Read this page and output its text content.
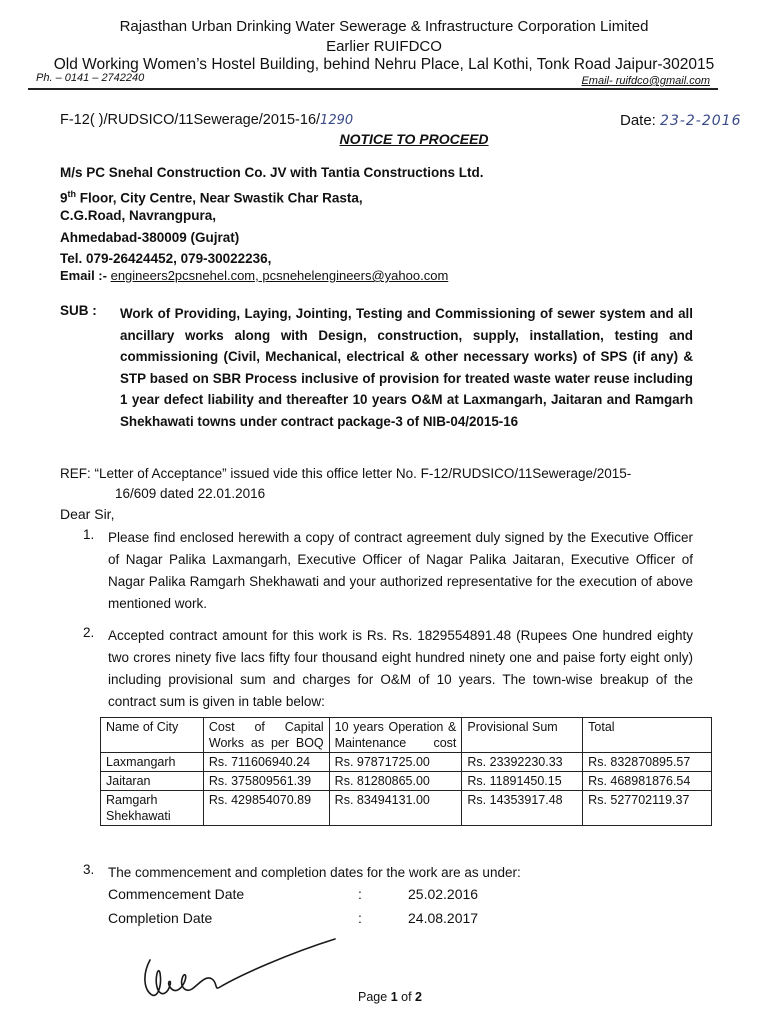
Rajasthan Urban Drinking Water Sewerage & Infrastructure Corporation Limited
Earlier RUIFDCO
Old Working Women’s Hostel Building, behind Nehru Place, Lal Kothi, Tonk Road Jaipur-302015
Ph. – 0141 – 2742240	Email- ruifdco@gmail.com
F-12( )/RUDSICO/11Sewerage/2015-16/1290	Date: 23-2-2016
NOTICE TO PROCEED
M/s PC Snehal Construction Co. JV with Tantia Constructions Ltd.
9th Floor, City Centre, Near Swastik Char Rasta,
C.G.Road, Navrangpura,
Ahmedabad-380009 (Gujrat)
Tel. 079-26424452, 079-30022236,
Email :- engineers2pcsnehel.com, pcsnehelengineers@yahoo.com
SUB : Work of Providing, Laying, Jointing, Testing and Commissioning of sewer system and all ancillary works along with Design, construction, supply, installation, testing and commissioning (Civil, Mechanical, electrical & other necessary works) of SPS (if any) & STP based on SBR Process inclusive of provision for treated waste water reuse including 1 year defect liability and thereafter 10 years O&M at Laxmangarh, Jaitaran and Ramgarh Shekhawati towns under contract package-3 of NIB-04/2015-16
REF: “Letter of Acceptance” issued vide this office letter No. F-12/RUDSICO/11Sewerage/2015-
16/609 dated 22.01.2016
Dear Sir,
1. Please find enclosed herewith a copy of contract agreement duly signed by the Executive Officer of Nagar Palika Laxmangarh, Executive Officer of Nagar Palika Jaitaran, Executive Officer of Nagar Palika Ramgarh Shekhawati and your authorized representative for the execution of above mentioned work.
2. Accepted contract amount for this work is Rs. Rs. 1829554891.48 (Rupees One hundred eighty two crores ninety five lacs fifty four thousand eight hundred ninety one and paise forty eight only) including provisional sum and charges for O&M of 10 years. The town-wise breakup of the contract sum is given in table below:
Name of City	Cost of Capital Works as per BOQ	10 years Operation & Maintenance cost	Provisional Sum	Total
Laxmangarh	Rs. 711606940.24	Rs. 97871725.00	Rs. 23392230.33	Rs. 832870895.57
Jaitaran	Rs. 375809561.39	Rs. 81280865.00	Rs. 11891450.15	Rs. 468981876.54
Ramgarh Shekhawati	Rs. 429854070.89	Rs. 83494131.00	Rs. 14353917.48	Rs. 527702119.37
3. The commencement and completion dates for the work are as under:
Commencement Date	:	25.02.2016
Completion Date	:	24.08.2017
Page 1 of 2
